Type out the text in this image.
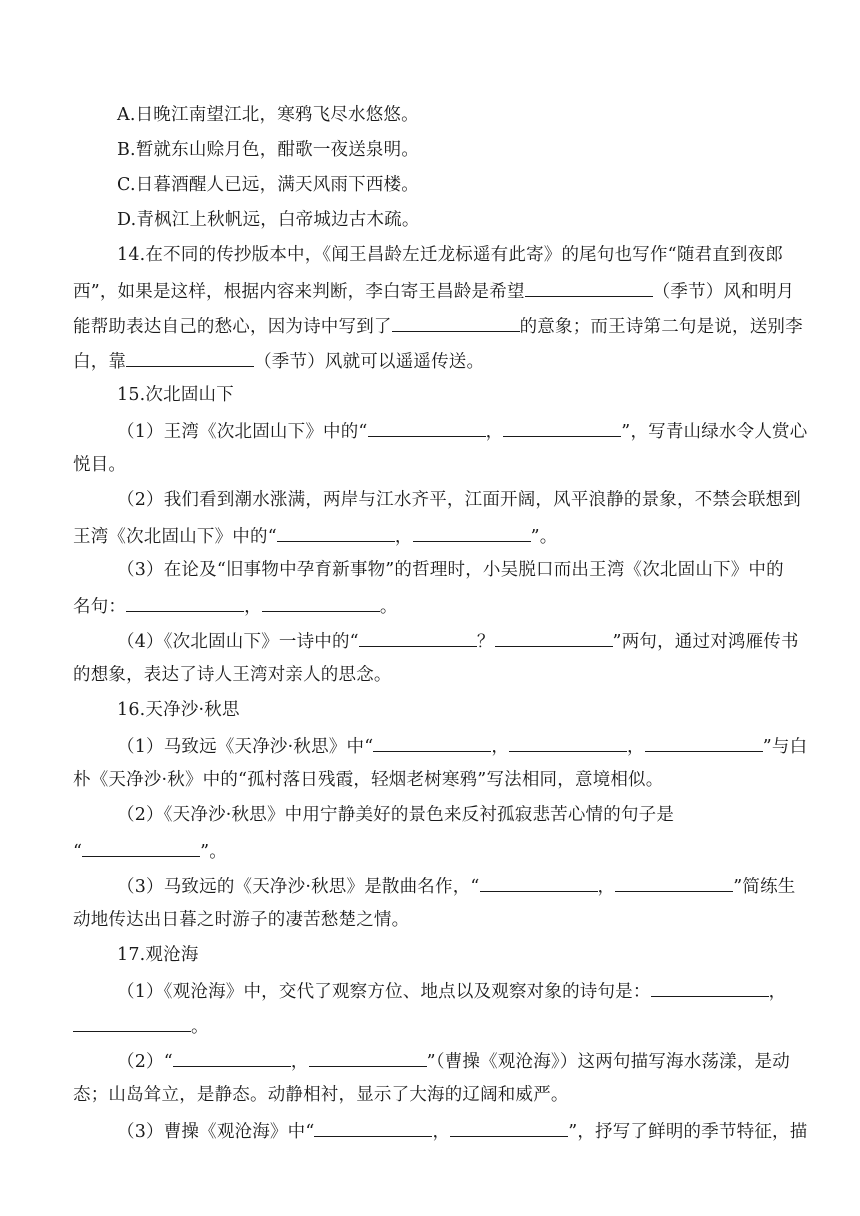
A.日晚江南望江北，寒鸦飞尽水悠悠。
B.暂就东山赊月色，酣歌一夜送泉明。
C.日暮酒醒人已远，满天风雨下西楼。
D.青枫江上秋帆远，白帝城边古木疏。
14.在不同的传抄版本中，《闻王昌龄左迁龙标遥有此寄》的尾句也写作“随君直到夜郎
西”，如果是这样，根据内容来判断，李白寄王昌龄是希望	（季节）风和明月
能帮助表达自己的愁心，因为诗中写到了	的意象；而王诗第二句是说，送别李
白，靠	（季节）风就可以遥遥传送。
15.次北固山下
（1）王湾《次北固山下》中的“	，	”，写青山绿水令人赏心
悦目。
（2）我们看到潮水涨满，两岸与江水齐平，江面开阔，风平浪静的景象，不禁会联想到
王湾《次北固山下》中的“	，	”。
（3）在论及“旧事物中孕育新事物”的哲理时，小吴脱口而出王湾《次北固山下》中的
名句：	，	。
（4）《次北固山下》一诗中的“	？	”两句，通过对鸿雁传书
的想象，表达了诗人王湾对亲人的思念。
16.天净沙·秋思
（1）马致远《天净沙·秋思》中“	，	，	”与白
朴《天净沙·秋》中的“孤村落日残霞，轻烟老树寒鸦”写法相同，意境相似。
（2）《天净沙·秋思》中用宁静美好的景色来反衬孤寂悲苦心情的句子是
“	”。
（3）马致远的《天净沙·秋思》是散曲名作，“	，	”简练生
动地传达出日暮之时游子的凄苦愁楚之情。
17.观沧海
（1）《观沧海》中，交代了观察方位、地点以及观察对象的诗句是：	，
。
（2）“	，	”（曹操《观沧海》）这两句描写海水荡漾，是动
态；山岛耸立，是静态。动静相衬，显示了大海的辽阔和威严。
（3）曹操《观沧海》中“	，	”，抒写了鲜明的季节特征，描
